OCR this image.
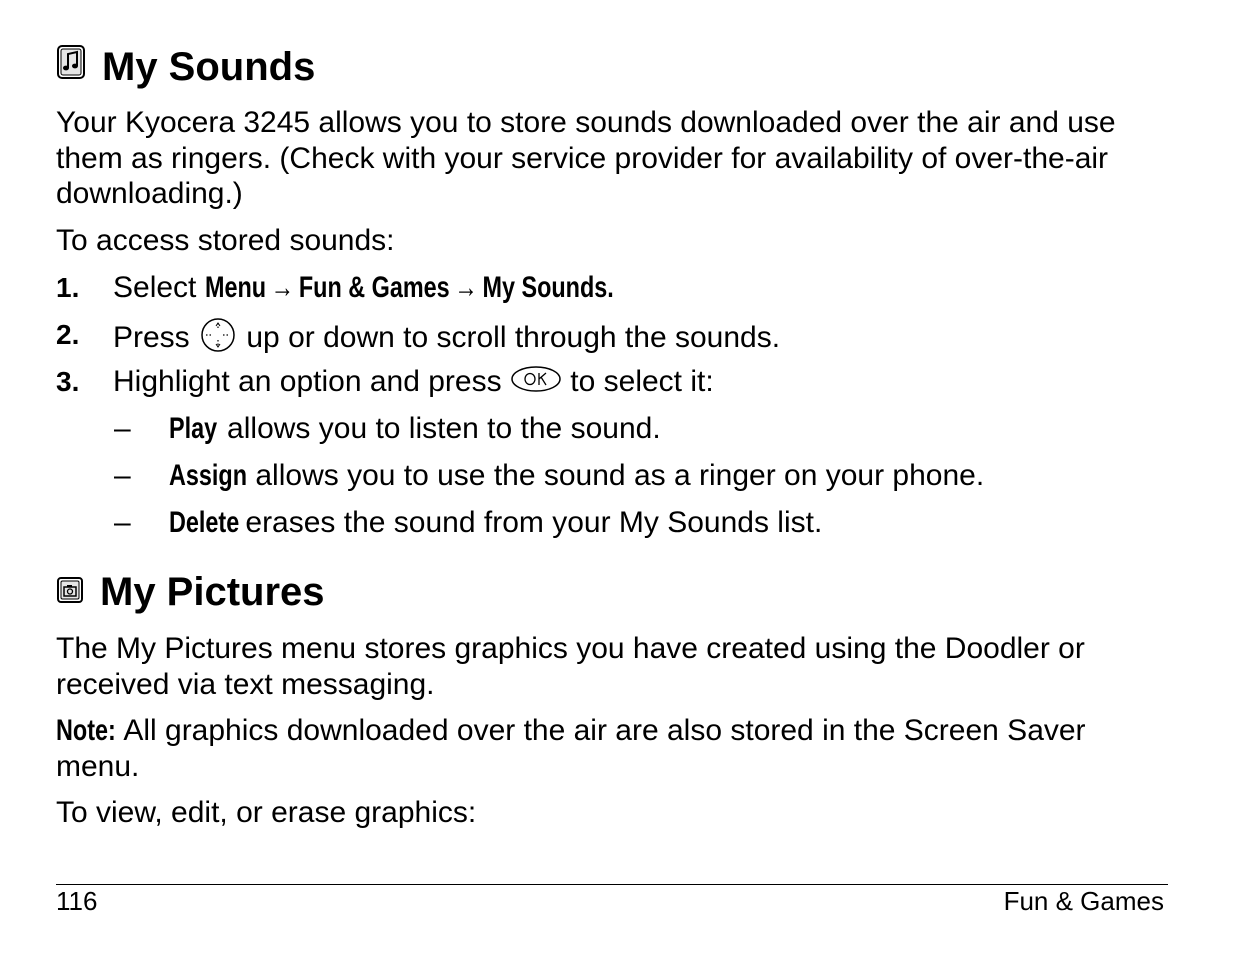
My Sounds
Your Kyocera 3245 allows you to store sounds downloaded over the air and use them as ringers. (Check with your service provider for availability of over-the-air downloading.)
To access stored sounds:
1. Select Menu → Fun & Games → My Sounds.
2. Press up or down to scroll through the sounds.
3. Highlight an option and press to select it:
– Play allows you to listen to the sound.
– Assign allows you to use the sound as a ringer on your phone.
– Delete erases the sound from your My Sounds list.
My Pictures
The My Pictures menu stores graphics you have created using the Doodler or received via text messaging.
Note: All graphics downloaded over the air are also stored in the Screen Saver menu.
To view, edit, or erase graphics:
116	Fun & Games
